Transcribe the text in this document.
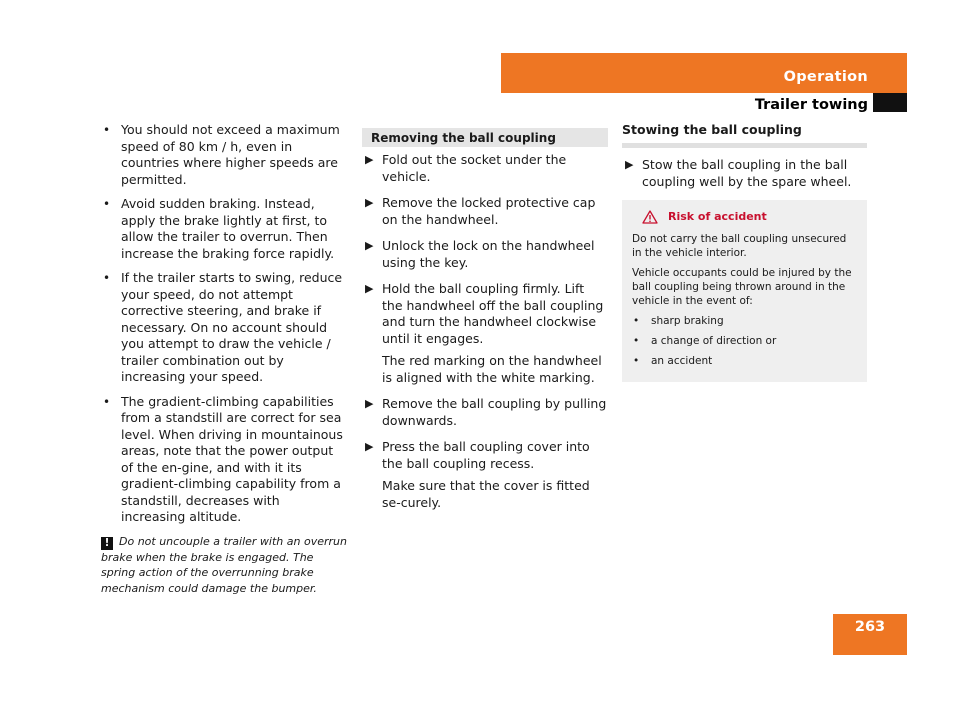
Operation
Trailer towing
• You should not exceed a maximum speed of 80 km / h, even in countries where higher speeds are permitted.
• Avoid sudden braking. Instead, apply the brake lightly at first, to allow the trailer to overrun. Then increase the braking force rapidly.
• If the trailer starts to swing, reduce your speed, do not attempt corrective steering, and brake if necessary. On no account should you attempt to draw the vehicle / trailer combination out by increasing your speed.
• The gradient-climbing capabilities from a standstill are correct for sea level. When driving in mountainous areas, note that the power output of the en-gine, and with it its gradient-climbing capability from a standstill, decreases with increasing altitude.
! Do not uncouple a trailer with an overrun brake when the brake is engaged. The spring action of the overrunning brake mechanism could damage the bumper.
Removing the ball coupling
▶ Fold out the socket under the vehicle.
▶ Remove the locked protective cap on the handwheel.
▶ Unlock the lock on the handwheel using the key.
▶ Hold the ball coupling firmly. Lift the handwheel off the ball coupling and turn the handwheel clockwise until it engages.
The red marking on the handwheel is aligned with the white marking.
▶ Remove the ball coupling by pulling downwards.
▶ Press the ball coupling cover into the ball coupling recess.
Make sure that the cover is fitted se-curely.
Stowing the ball coupling
▶ Stow the ball coupling in the ball coupling well by the spare wheel.
Risk of accident
Do not carry the ball coupling unsecured in the vehicle interior.
Vehicle occupants could be injured by the ball coupling being thrown around in the vehicle in the event of:
• sharp braking
• a change of direction or
• an accident
263
